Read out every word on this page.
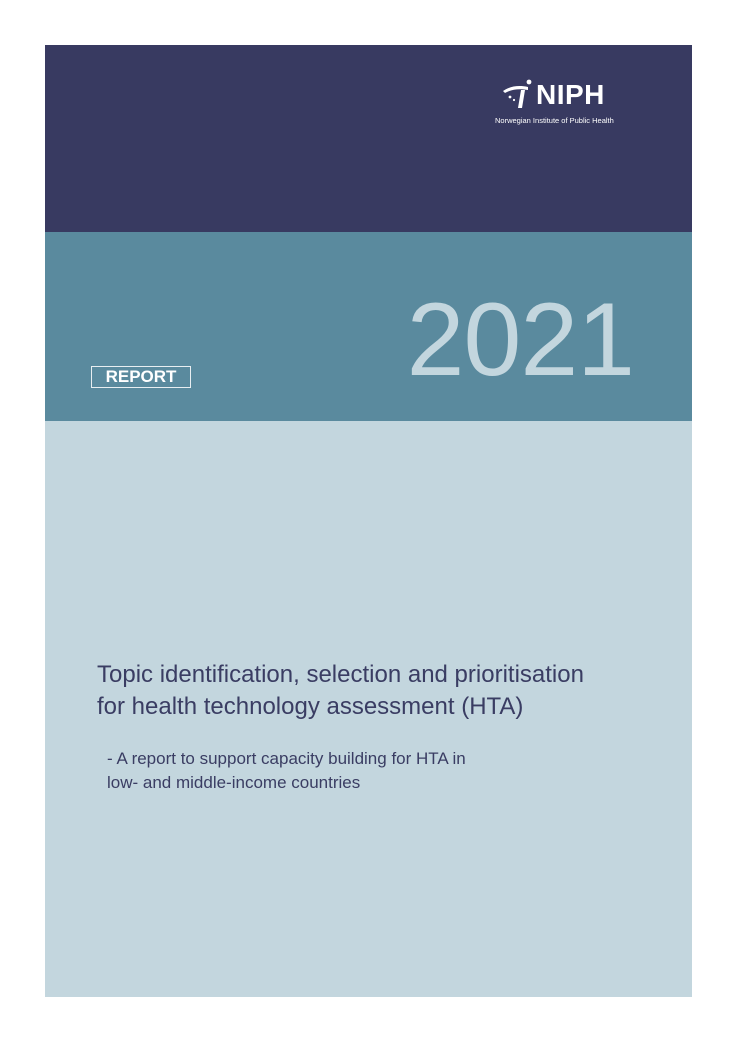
NIPH
Norwegian Institute of Public Health
REPORT 2021
Topic identification, selection and prioritisation
for health technology assessment (HTA)

- A report to support capacity building for HTA in
low- and middle-income countries
